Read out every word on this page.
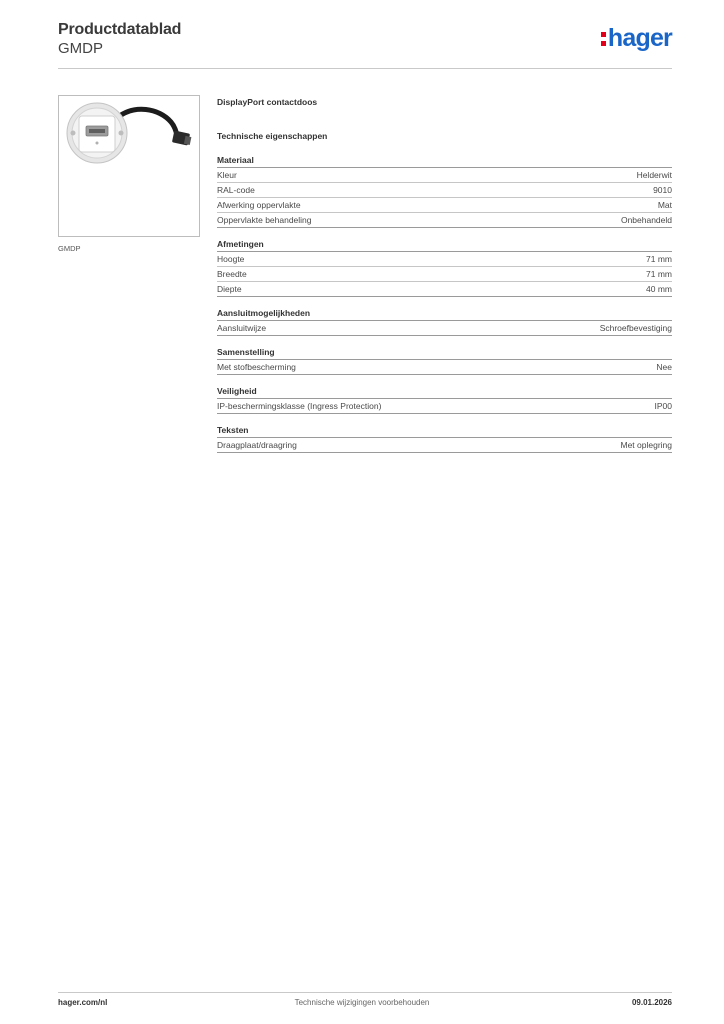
Productdatablad
GMDP	hager
GMDP
DisplayPort contactdoos
Technische eigenschappen
Materiaal
Kleur	Helderwit
RAL-code	9010
Afwerking oppervlakte	Mat
Oppervlakte behandeling	Onbehandeld
Afmetingen
Hoogte	71 mm
Breedte	71 mm
Diepte	40 mm
Aansluitmogelijkheden
Aansluitwijze	Schroefbevestiging
Samenstelling
Met stofbescherming	Nee
Veiligheid
IP-beschermingsklasse (Ingress Protection)	IP00
Teksten
Draagplaat/draagring	Met oplegring
hager.com/nl	Technische wijzigingen voorbehouden	09.01.2026
